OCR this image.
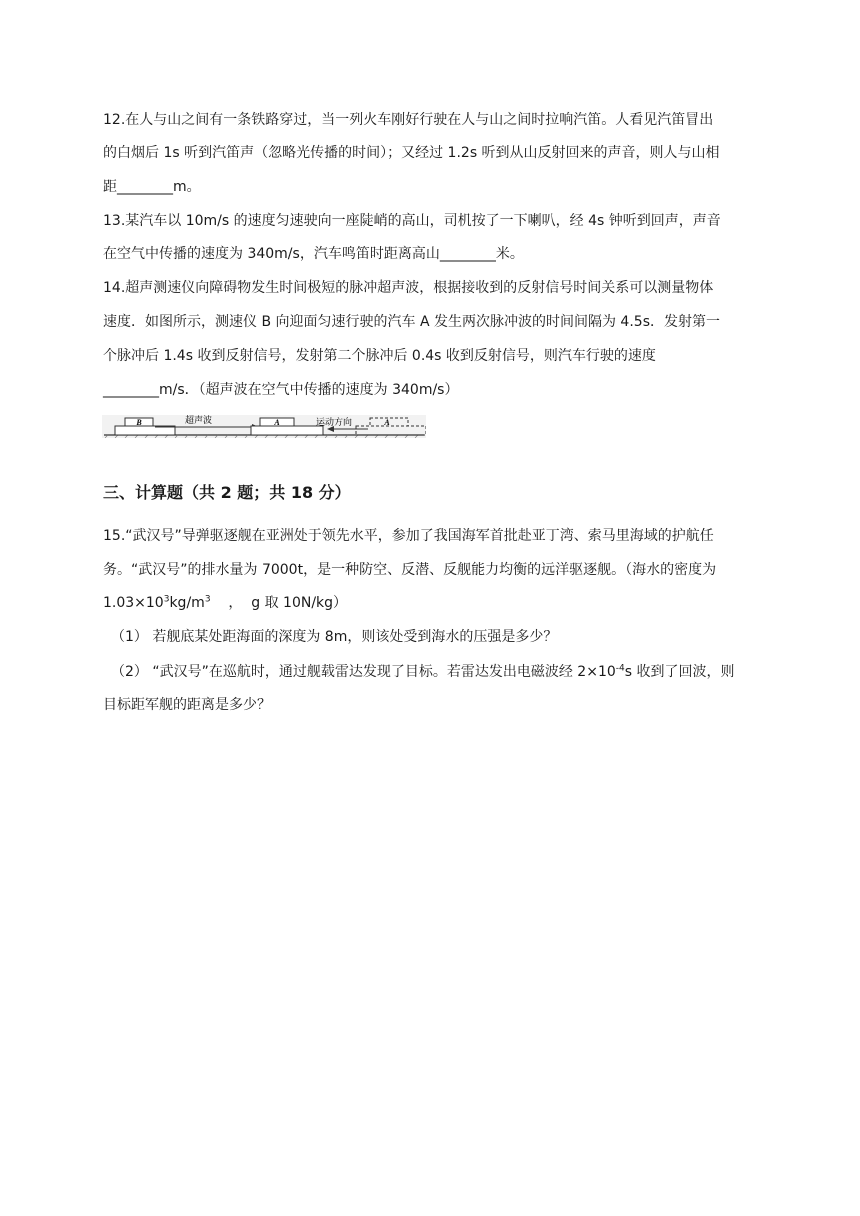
12.在人与山之间有一条铁路穿过，当一列火车刚好行驶在人与山之间时拉响汽笛。人看见汽笛冒出
的白烟后 1s 听到汽笛声（忽略光传播的时间）；又经过 1.2s 听到从山反射回来的声音，则人与山相
距________m。
13.某汽车以 10m/s 的速度匀速驶向一座陡峭的高山，司机按了一下喇叭，经 4s 钟听到回声，声音
在空气中传播的速度为 340m/s，汽车鸣笛时距离高山________米。
14.超声测速仪向障碍物发生时间极短的脉冲超声波，根据接收到的反射信号时间关系可以测量物体
速度．如图所示，测速仪 B 向迎面匀速行驶的汽车 A 发生两次脉冲波的时间间隔为 4.5s．发射第一
个脉冲后 1.4s 收到反射信号，发射第二个脉冲后 0.4s 收到反射信号，则汽车行驶的速度
________m/s．（超声波在空气中传播的速度为 340m/s）
B	超声波	A	运动方向	A
三、计算题（共 2 题；共 18 分）
15.“武汉号”导弹驱逐舰在亚洲处于领先水平，参加了我国海军首批赴亚丁湾、索马里海域的护航任
务。“武汉号”的排水量为 7000t，是一种防空、反潜、反舰能力均衡的远洋驱逐舰。（海水的密度为
$1.03\times 10^3kg/m^3$    ，  g 取 10N/kg）
（1） 若舰底某处距海面的深度为 8m，则该处受到海水的压强是多少？
（2） “武汉号”在巡航时，通过舰载雷达发现了目标。若雷达发出电磁波经 $2\times 10^{-4}s$ 收到了回波，则
目标距军舰的距离是多少？
